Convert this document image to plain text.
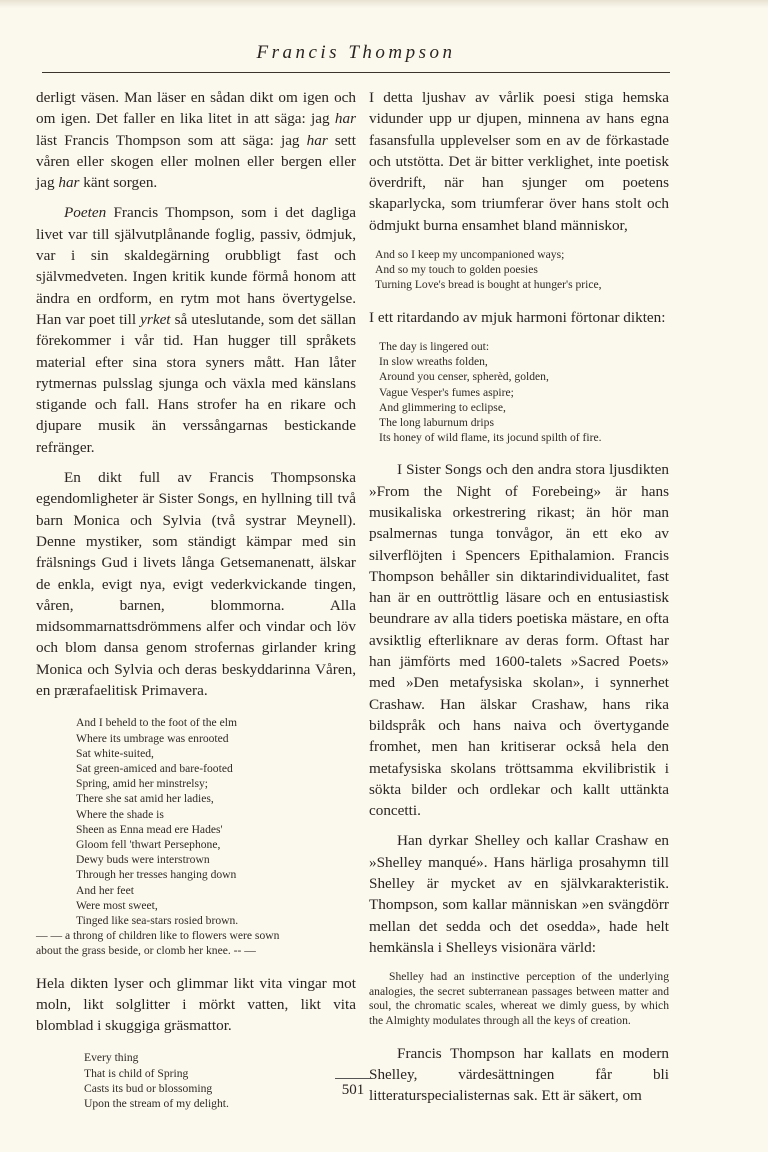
Francis Thompson

derligt väsen. Man läser en sådan dikt om igen och om igen. Det faller en lika litet in att säga: jag har läst Francis Thompson som att säga: jag har sett våren eller skogen eller molnen eller bergen eller jag har känt sorgen.

Poeten Francis Thompson, som i det dagliga livet var till självutplånande foglig, passiv, ödmjuk, var i sin skaldegärning orubbligt fast och självmedveten. Ingen kritik kunde förmå honom att ändra en ordform, en rytm mot hans övertygelse. Han var poet till yrket så uteslutande, som det sällan förekommer i vår tid. Han hugger till språkets material efter sina stora syners mått. Han låter rytmernas pulsslag sjunga och växla med känslans stigande och fall. Hans strofer ha en rikare och djupare musik än verssångarnas bestickande refränger.

En dikt full av Francis Thompsonska egendomligheter är Sister Songs, en hyllning till två barn Monica och Sylvia (två systrar Meynell). Denne mystiker, som ständigt kämpar med sin frälsnings Gud i livets långa Getsemanenatt, älskar de enkla, evigt nya, evigt vederkvickande tingen, våren, barnen, blommorna. Alla midsommarnattsdrömmens alfer och vindar och löv och blom dansa genom strofernas girlander kring Monica och Sylvia och deras beskyddarinna Våren, en prærafaelitisk Primavera.

And I beheld to the foot of the elm
Where its umbrage was enrooted
Sat white-suited,
Sat green-amiced and bare-footed
Spring, amid her minstrelsy;
There she sat amid her ladies,
Where the shade is
Sheen as Enna mead ere Hades'
Gloom fell 'thwart Persephone,
Dewy buds were interstrown
Through her tresses hanging down
And her feet
Were most sweet,
Tinged like sea-stars rosied brown.
— — a throng of children like to flowers were sown
about the grass beside, or clomb her knee. -- —

Hela dikten lyser och glimmar likt vita vingar mot moln, likt solglitter i mörkt vatten, likt vita blomblad i skuggiga gräsmattor.

Every thing
That is child of Spring
Casts its bud or blossoming
Upon the stream of my delight.

I detta ljushav av vårlik poesi stiga hemska vidunder upp ur djupen, minnena av hans egna fasansfulla upplevelser som en av de förkastade och utstötta. Det är bitter verklighet, inte poetisk överdrift, när han sjunger om poetens skaparlycka, som triumferar över hans stolt och ödmjukt burna ensamhet bland människor,

And so I keep my uncompanioned ways;
And so my touch to golden poesies
Turning Love's bread is bought at hunger's price,

I ett ritardando av mjuk harmoni förtonar dikten:

The day is lingered out:
In slow wreaths folden,
Around you censer, spherèd, golden,
Vague Vesper's fumes aspire;
And glimmering to eclipse,
The long laburnum drips
Its honey of wild flame, its jocund spilth of fire.

I Sister Songs och den andra stora ljusdikten »From the Night of Forebeing» är hans musikaliska orkestrering rikast; än hör man psalmernas tunga tonvågor, än ett eko av silverflöjten i Spencers Epithalamion. Francis Thompson behåller sin diktarindividualitet, fast han är en outtröttlig läsare och en entusiastisk beundrare av alla tiders poetiska mästare, en ofta avsiktlig efterliknare av deras form. Oftast har han jämförts med 1600-talets »Sacred Poets» med »Den metafysiska skolan», i synnerhet Crashaw. Han älskar Crashaw, hans rika bildspråk och hans naiva och övertygande fromhet, men han kritiserar också hela den metafysiska skolans tröttsamma ekvilibristik i sökta bilder och ordlekar och kallt uttänkta concetti.

Han dyrkar Shelley och kallar Crashaw en »Shelley manqué». Hans härliga prosahymn till Shelley är mycket av en självkarakteristik. Thompson, som kallar människan »en svängdörr mellan det sedda och det osedda», hade helt hemkänsla i Shelleys visionära värld:

Shelley had an instinctive perception of the underlying analogies, the secret subterranean passages between matter and soul, the chromatic scales, whereat we dimly guess, by which the Almighty modulates through all the keys of creation.

Francis Thompson har kallats en modern Shelley, värdesättningen får bli litteraturspecialisternas sak. Ett är säkert, om

501
